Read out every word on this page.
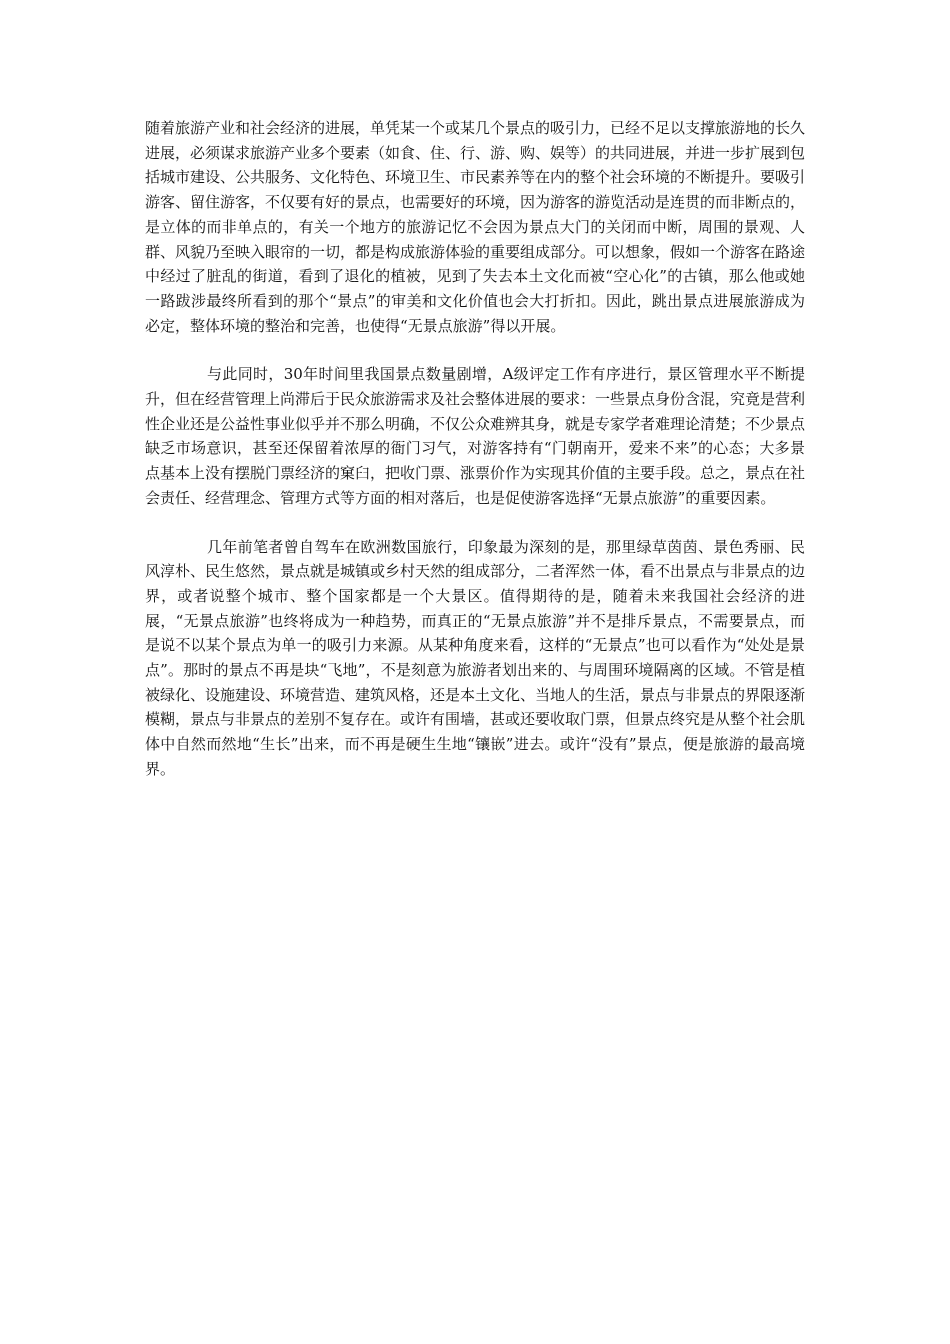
随着旅游产业和社会经济的进展，单凭某一个或某几个景点的吸引力，已经不足以支撑旅游地的长久进展，必须谋求旅游产业多个要素（如食、住、行、游、购、娱等）的共同进展，并进一步扩展到包括城市建设、公共服务、文化特色、环境卫生、市民素养等在内的整个社会环境的不断提升。要吸引游客、留住游客，不仅要有好的景点，也需要好的环境，因为游客的游览活动是连贯的而非断点的，是立体的而非单点的，有关一个地方的旅游记忆不会因为景点大门的关闭而中断，周围的景观、人群、风貌乃至映入眼帘的一切，都是构成旅游体验的重要组成部分。可以想象，假如一个游客在路途中经过了脏乱的街道，看到了退化的植被，见到了失去本土文化而被“空心化”的古镇，那么他或她一路跋涉最终所看到的那个“景点”的审美和文化价值也会大打折扣。因此，跳出景点进展旅游成为必定，整体环境的整治和完善，也使得“无景点旅游”得以开展。

与此同时，30年时间里我国景点数量剧增，A级评定工作有序进行，景区管理水平不断提升，但在经营管理上尚滞后于民众旅游需求及社会整体进展的要求：一些景点身份含混，究竟是营利性企业还是公益性事业似乎并不那么明确，不仅公众难辨其身，就是专家学者难理论清楚；不少景点缺乏市场意识，甚至还保留着浓厚的衙门习气，对游客持有“门朝南开，爱来不来”的心态；大多景点基本上没有摆脱门票经济的窠臼，把收门票、涨票价作为实现其价值的主要手段。总之，景点在社会责任、经营理念、管理方式等方面的相对落后，也是促使游客选择“无景点旅游”的重要因素。

几年前笔者曾自驾车在欧洲数国旅行，印象最为深刻的是，那里绿草茵茵、景色秀丽、民风淳朴、民生悠然，景点就是城镇或乡村天然的组成部分，二者浑然一体，看不出景点与非景点的边界，或者说整个城市、整个国家都是一个大景区。值得期待的是，随着未来我国社会经济的进展，“无景点旅游”也终将成为一种趋势，而真正的“无景点旅游”并不是排斥景点，不需要景点，而是说不以某个景点为单一的吸引力来源。从某种角度来看，这样的“无景点”也可以看作为“处处是景点”。那时的景点不再是块“飞地”，不是刻意为旅游者划出来的、与周围环境隔离的区域。不管是植被绿化、设施建设、环境营造、建筑风格，还是本土文化、当地人的生活，景点与非景点的界限逐渐模糊，景点与非景点的差别不复存在。或许有围墙，甚或还要收取门票，但景点终究是从整个社会肌体中自然而然地“生长”出来，而不再是硬生生地“镶嵌”进去。或许“没有”景点，便是旅游的最高境界。
